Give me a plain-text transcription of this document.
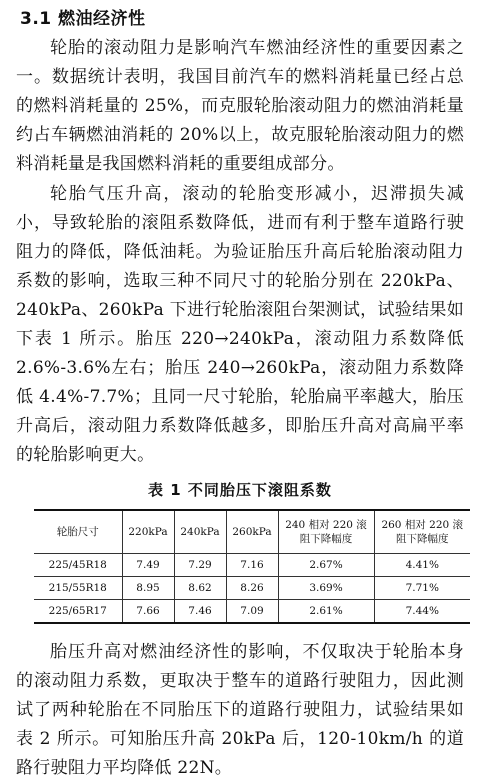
3.1 燃油经济性

轮胎的滚动阻力是影响汽车燃油经济性的重要因素之一。数据统计表明，我国目前汽车的燃料消耗量已经占总的燃料消耗量的 25%，而克服轮胎滚动阻力的燃油消耗量约占车辆燃油消耗的 20%以上，故克服轮胎滚动阻力的燃料消耗量是我国燃料消耗的重要组成部分。

轮胎气压升高，滚动的轮胎变形减小，迟滞损失减小，导致轮胎的滚阻系数降低，进而有利于整车道路行驶阻力的降低，降低油耗。为验证胎压升高后轮胎滚动阻力系数的影响，选取三种不同尺寸的轮胎分别在 220kPa、240kPa、260kPa 下进行轮胎滚阻台架测试，试验结果如下表 1 所示。胎压 220→240kPa，滚动阻力系数降低 2.6%-3.6%左右；胎压 240→260kPa，滚动阻力系数降低 4.4%-7.7%；且同一尺寸轮胎，轮胎扁平率越大，胎压升高后，滚动阻力系数降低越多，即胎压升高对高扁平率的轮胎影响更大。

表 1 不同胎压下滚阻系数
轮胎尺寸	220kPa	240kPa	260kPa	240 相对 220 滚阻下降幅度	260 相对 220 滚阻下降幅度
225/45R18	7.49	7.29	7.16	2.67%	4.41%
215/55R18	8.95	8.62	8.26	3.69%	7.71%
225/65R17	7.66	7.46	7.09	2.61%	7.44%

胎压升高对燃油经济性的影响，不仅取决于轮胎本身的滚动阻力系数，更取决于整车的道路行驶阻力，因此测试了两种轮胎在不同胎压下的道路行驶阻力，试验结果如表 2 所示。可知胎压升高 20kPa 后，120-10km/h 的道路行驶阻力平均降低 22N。
